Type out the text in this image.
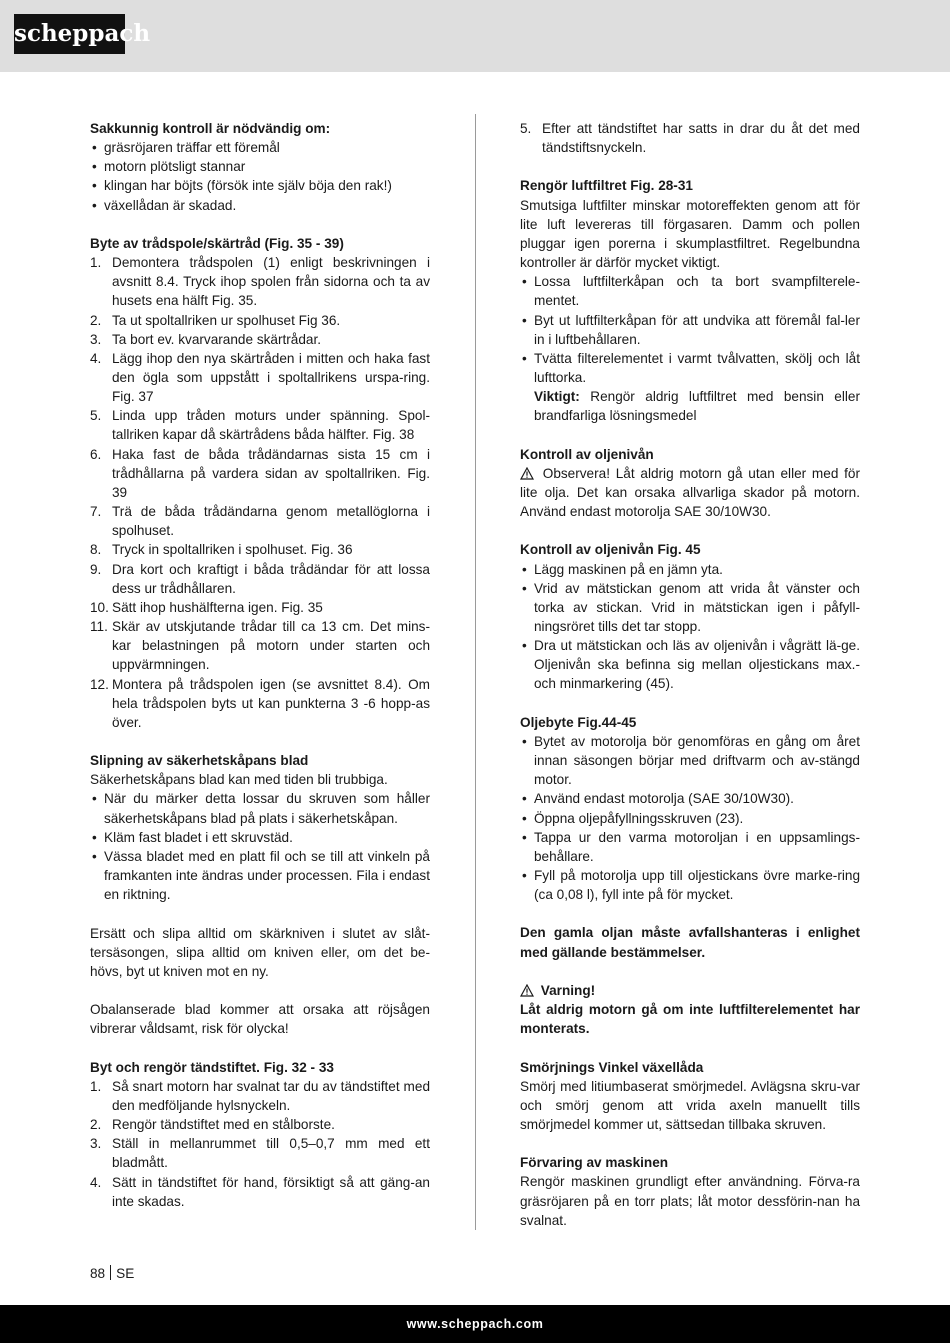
scheppach

Sakkunnig kontroll är nödvändig om:

• gräsröjaren träffar ett föremål
• motorn plötsligt stannar
• klingan har böjts (försök inte själv böja den rak!)
• växellådan är skadad.

Byte av trådspole/skärtråd (Fig. 35 - 39)

1. Demontera trådspolen (1) enligt beskrivningen i avsnitt 8.4. Tryck ihop spolen från sidorna och ta av husets ena hälft Fig. 35.
2. Ta ut spoltallriken ur spolhuset Fig 36.
3. Ta bort ev. kvarvarande skärtrådar.
4. Lägg ihop den nya skärtråden i mitten och haka fast den ögla som uppstått i spoltallrikens urspa-ring. Fig. 37
5. Linda upp tråden moturs under spänning. Spol-tallriken kapar då skärtrådens båda hälfter. Fig. 38
6. Haka fast de båda trådändarnas sista 15 cm i trådhållarna på vardera sidan av spoltallriken. Fig. 39
7. Trä de båda trådändarna genom metallöglorna i spolhuset.
8. Tryck in spoltallriken i spolhuset. Fig. 36
9. Dra kort och kraftigt i båda trådändar för att lossa dess ur trådhållaren.
10. Sätt ihop hushälfterna igen. Fig. 35
11. Skär av utskjutande trådar till ca 13 cm. Det mins-kar belastningen på motorn under starten och uppvärmningen.
12. Montera på trådspolen igen (se avsnittet 8.4). Om hela trådspolen byts ut kan punkterna 3 -6 hopp-as över.

Slipning av säkerhetskåpans blad

Säkerhetskåpans blad kan med tiden bli trubbiga.

• När du märker detta lossar du skruven som håller säkerhetskåpans blad på plats i säkerhetskåpan.
• Kläm fast bladet i ett skruvstäd.
• Vässa bladet med en platt fil och se till att vinkeln på framkanten inte ändras under processen. Fila i endast en riktning.

Ersätt och slipa alltid om skärkniven i slutet av slåt-tersäsongen, slipa alltid om kniven eller, om det be-hövs, byt ut kniven mot en ny.

Obalanserade blad kommer att orsaka att röjsågen vibrerar våldsamt, risk för olycka!

Byt och rengör tändstiftet. Fig. 32 - 33

1. Så snart motorn har svalnat tar du av tändstiftet med den medföljande hylsnyckeln.
2. Rengör tändstiftet med en stålborste.
3. Ställ in mellanrummet till 0,5–0,7 mm med ett bladmått.
4. Sätt in tändstiftet för hand, försiktigt så att gäng-an inte skadas.
5. Efter att tändstiftet har satts in drar du åt det med tändstiftsnyckeln.

Rengör luftfiltret Fig. 28-31

Smutsiga luftfilter minskar motoreffekten genom att för lite luft levereras till förgasaren. Damm och pollen pluggar igen porerna i skumplastfiltret. Regelbundna kontroller är därför mycket viktigt.

• Lossa luftfilterkåpan och ta bort svampfilterele-mentet.
• Byt ut luftfilterkåpan för att undvika att föremål fal-ler in i luftbehållaren.
• Tvätta filterelementet i varmt tvålvatten, skölj och låt lufttorka.

Viktigt: Rengör aldrig luftfiltret med bensin eller brandfarliga lösningsmedel

Kontroll av oljenivån

Observera! Låt aldrig motorn gå utan eller med för lite olja. Det kan orsaka allvarliga skador på motorn. Använd endast motorolja SAE 30/10W30.

Kontroll av oljenivån Fig. 45

• Lägg maskinen på en jämn yta.
• Vrid av mätstickan genom att vrida åt vänster och torka av stickan. Vrid in mätstickan igen i påfyll-ningsröret tills det tar stopp.
• Dra ut mätstickan och läs av oljenivån i vågrätt lä-ge. Oljenivån ska befinna sig mellan oljestickans max.- och minmarkering (45).

Oljebyte Fig.44-45

• Bytet av motorolja bör genomföras en gång om året innan säsongen börjar med driftvarm och av-stängd motor.
• Använd endast motorolja (SAE 30/10W30).
• Öppna oljepåfyllningsskruven (23).
• Tappa ur den varma motoroljan i en uppsamlings-behållare.
• Fyll på motorolja upp till oljestickans övre marke-ring (ca 0,08 l), fyll inte på för mycket.

Den gamla oljan måste avfallshanteras i enlighet med gällande bestämmelser.

Varning!

Låt aldrig motorn gå om inte luftfilterelementet har monterats.

Smörjnings Vinkel växellåda

Smörj med litiumbaserat smörjmedel. Avlägsna skru-var och smörj genom att vrida axeln manuellt tills smörjmedel kommer ut, sättsedan tillbaka skruven.

Förvaring av maskinen

Rengör maskinen grundligt efter användning. Förva-ra gräsröjaren på en torr plats; låt motor dessförin-nan ha svalnat.

88 SE
www.scheppach.com
